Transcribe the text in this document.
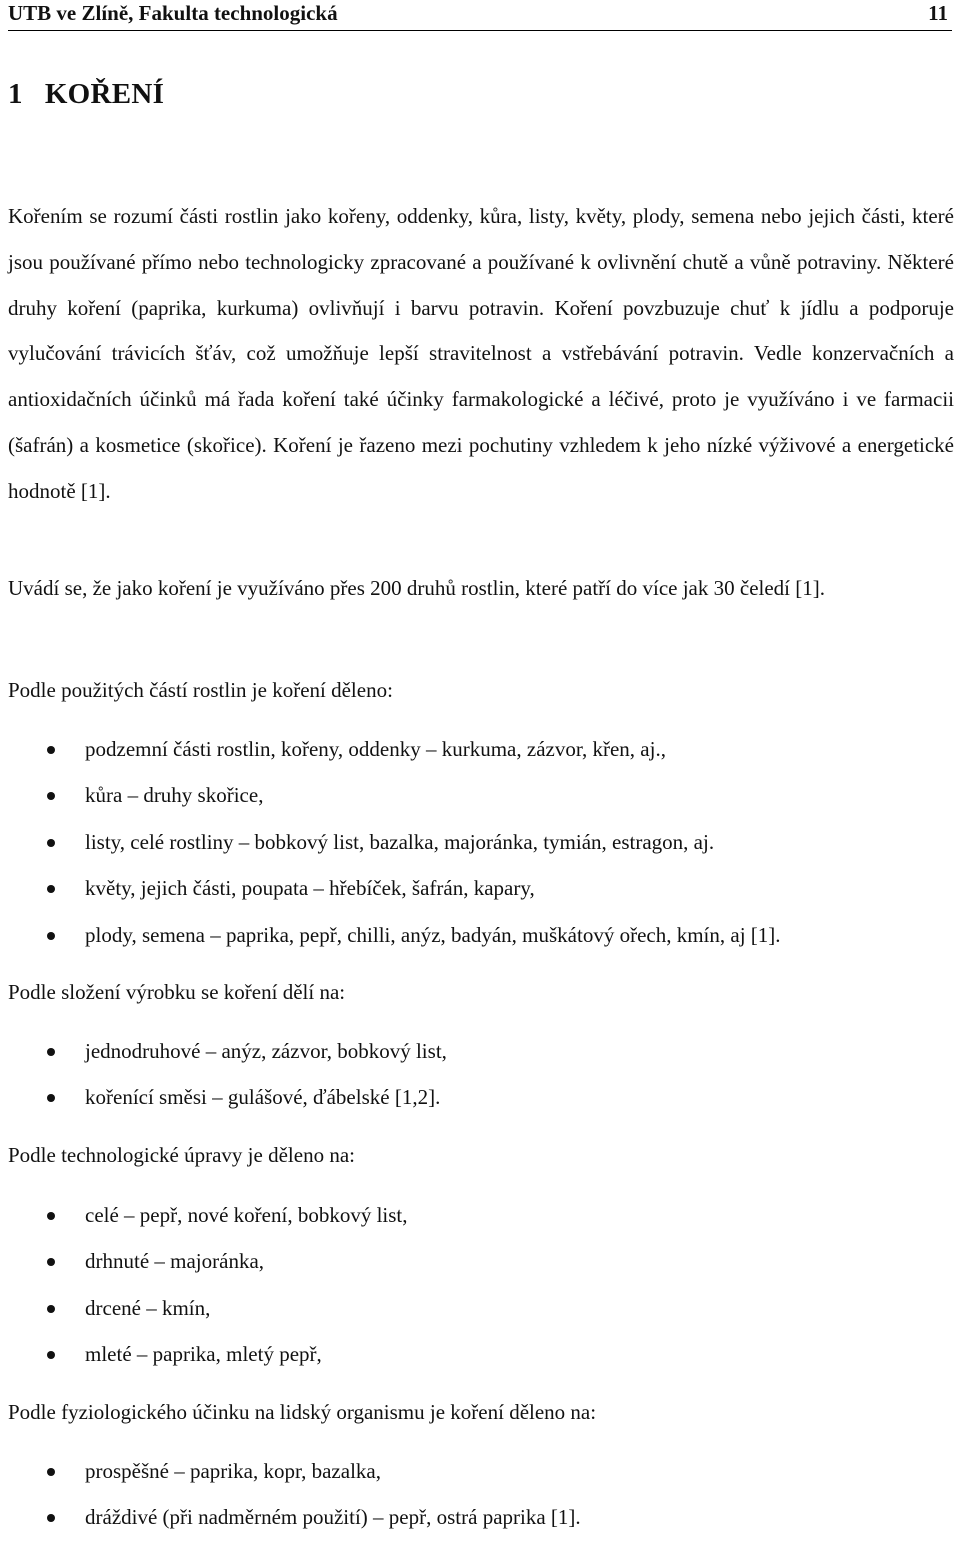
UTB ve Zlíně, Fakulta technologická	11
1 KOŘENÍ

Kořením se rozumí části rostlin jako kořeny, oddenky, kůra, listy, květy, plody, semena nebo jejich části, které jsou používané přímo nebo technologicky zpracované a používané k ovlivnění chutě a vůně potraviny. Některé druhy koření (paprika, kurkuma) ovlivňují i barvu potravin. Koření povzbuzuje chuť k jídlu a podporuje vylučování trávicích šťáv, což umožňuje lepší stravitelnost a vstřebávání potravin. Vedle konzervačních a antioxidačních účinků má řada koření také účinky farmakologické a léčivé, proto je využíváno i ve farmacii (šafrán) a kosmetice (skořice). Koření je řazeno mezi pochutiny vzhledem k jeho nízké výživové a energetické hodnotě [1].

Uvádí se, že jako koření je využíváno přes 200 druhů rostlin, které patří do více jak 30 čeledí [1].

Podle použitých částí rostlin je koření děleno:

podzemní části rostlin, kořeny, oddenky – kurkuma, zázvor, křen, aj.,
kůra – druhy skořice,
listy, celé rostliny – bobkový list, bazalka, majoránka, tymián, estragon, aj.
květy, jejich části, poupata – hřebíček, šafrán, kapary,
plody, semena – paprika, pepř, chilli, anýz, badyán, muškátový ořech, kmín, aj [1].

Podle složení výrobku se koření dělí na:

jednodruhové – anýz, zázvor, bobkový list,
kořenící směsi – gulášové, ďábelské [1,2].

Podle technologické úpravy je děleno na:

celé – pepř, nové koření, bobkový list,
drhnuté – majoránka,
drcené – kmín,
mleté – paprika, mletý pepř,

Podle fyziologického účinku na lidský organismu je koření děleno na:

prospěšné – paprika, kopr, bazalka,
dráždivé (při nadměrném použití) – pepř, ostrá paprika [1].
